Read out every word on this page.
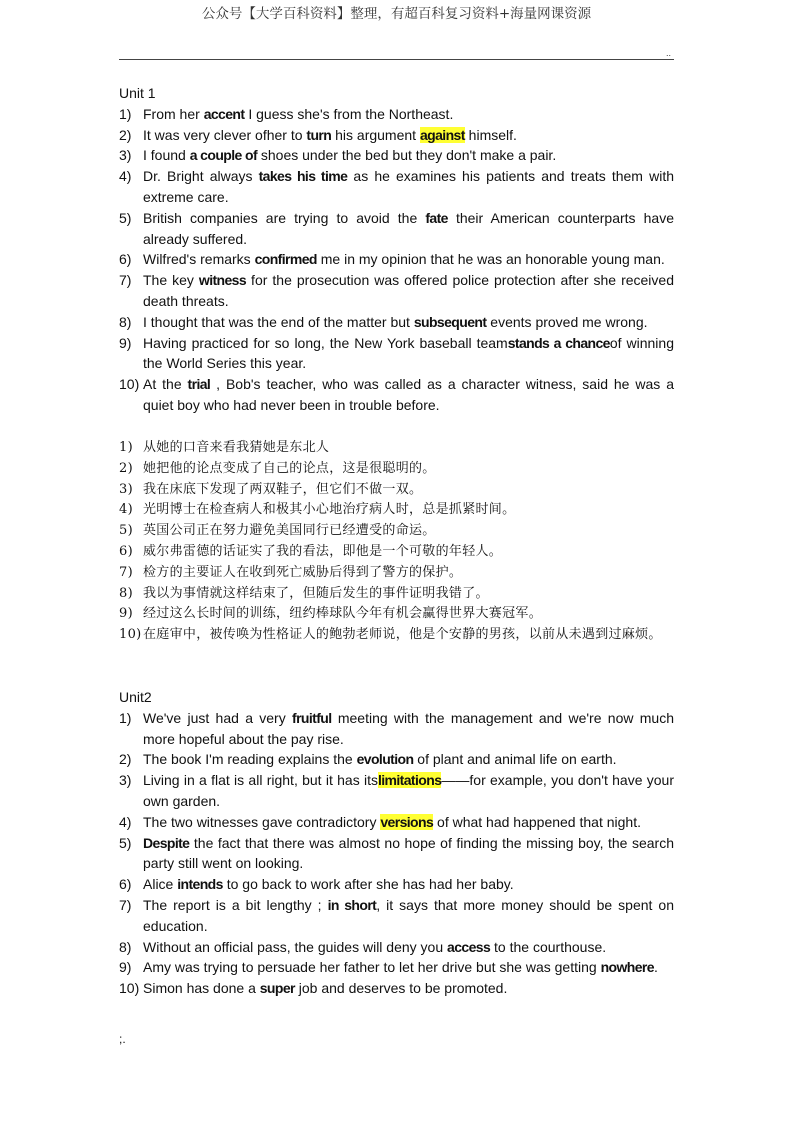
公众号【大学百科资料】整理，有超百科复习资料+海量网课资源
..
Unit 1
1) From her accent I guess she's from the Northeast.
2) It was very clever ofher to turn his argument against himself.
3) I found a couple of shoes under the bed but they don't make a pair.
4) Dr. Bright always takes his time as he examines his patients and treats them with extreme care.
5) British companies are trying to avoid the fate their American counterparts have already suffered.
6) Wilfred's remarks confirmed me in my opinion that he was an honorable young man.
7) The key witness for the prosecution was offered police protection after she received death threats.
8) I thought that was the end of the matter but subsequent events proved me wrong.
9) Having practiced for so long, the New York baseball teamstands a chanceof winning the World Series this year.
10) At the trial , Bob's teacher, who was called as a character witness, said he was a quiet boy who had never been in trouble before.
1) 从她的口音来看我猜她是东北人
2) 她把他的论点变成了自己的论点，这是很聪明的。
3) 我在床底下发现了两双鞋子，但它们不做一双。
4) 光明博士在检查病人和极其小心地治疗病人时，总是抓紧时间。
5) 英国公司正在努力避免美国同行已经遭受的命运。
6) 威尔弗雷德的话证实了我的看法，即他是一个可敬的年轻人。
7) 检方的主要证人在收到死亡威胁后得到了警方的保护。
8) 我以为事情就这样结束了，但随后发生的事件证明我错了。
9) 经过这么长时间的训练，纽约棒球队今年有机会赢得世界大赛冠军。
10) 在庭审中，被传唤为性格证人的鲍勃老师说，他是个安静的男孩，以前从未遇到过麻烦。
Unit2
1) We've just had a very fruitful meeting with the management and we're now much more hopeful about the pay rise.
2) The book I'm reading explains the evolution of plant and animal life on earth.
3) Living in a flat is all right, but it has itslimitations——for example, you don't have your own garden.
4) The two witnesses gave contradictory versions of what had happened that night.
5) Despite the fact that there was almost no hope of finding the missing boy, the search party still went on looking.
6) Alice intends to go back to work after she has had her baby.
7) The report is a bit lengthy ; in short, it says that more money should be spent on education.
8) Without an official pass, the guides will deny you access to the courthouse.
9) Amy was trying to persuade her father to let her drive but she was getting nowhere.
10) Simon has done a super job and deserves to be promoted.
;.
